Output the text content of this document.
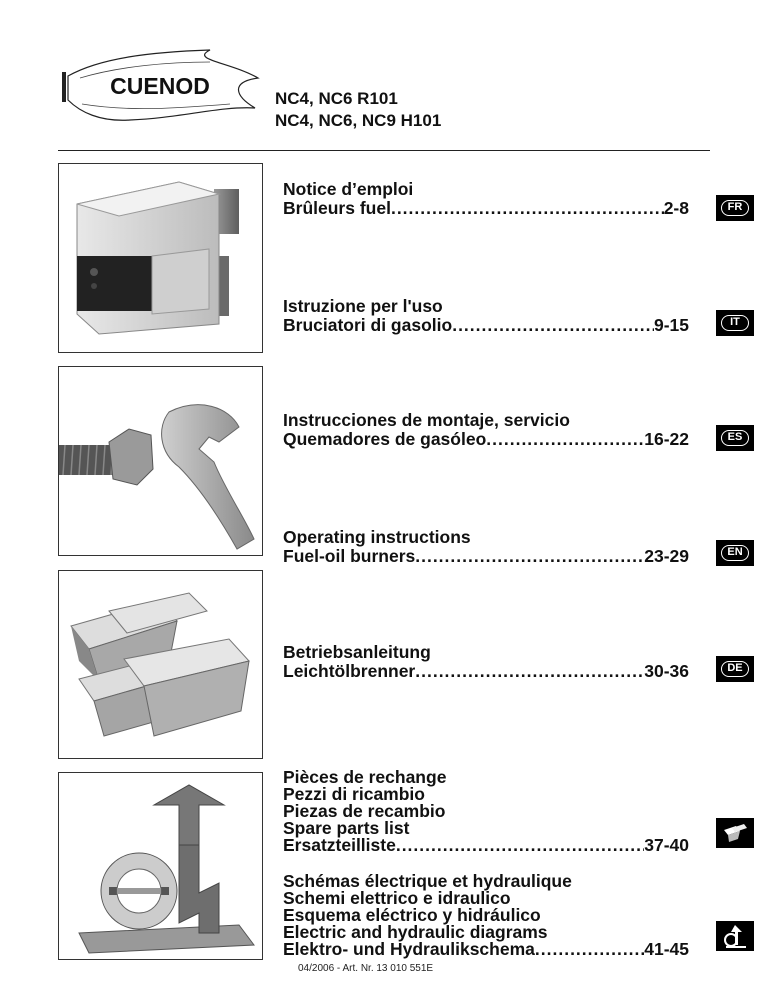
CUENOD	NC4, NC6 R101
NC4, NC6, NC9 H101
Notice d’emploi
Brûleurs fuel .....	2-8
Istruzione per l'uso
Bruciatori di gasolio .....	9-15
Instrucciones de montaje, servicio
Quemadores de gasóleo .....	16-22
Operating instructions
Fuel-oil burners .....	23-29
Betriebsanleitung
Leichtölbrenner .....	30-36
Pièces de rechange
Pezzi di ricambio
Piezas de recambio
Spare parts list
Ersatzteilliste .....	37-40
Schémas électrique et hydraulique
Schemi elettrico e idraulico
Esquema eléctrico y hidráulico
Electric and hydraulic diagrams
Elektro- und Hydraulikschema .....	41-45
FR
IT
ES
EN
DE
04/2006 - Art. Nr. 13 010 551E
